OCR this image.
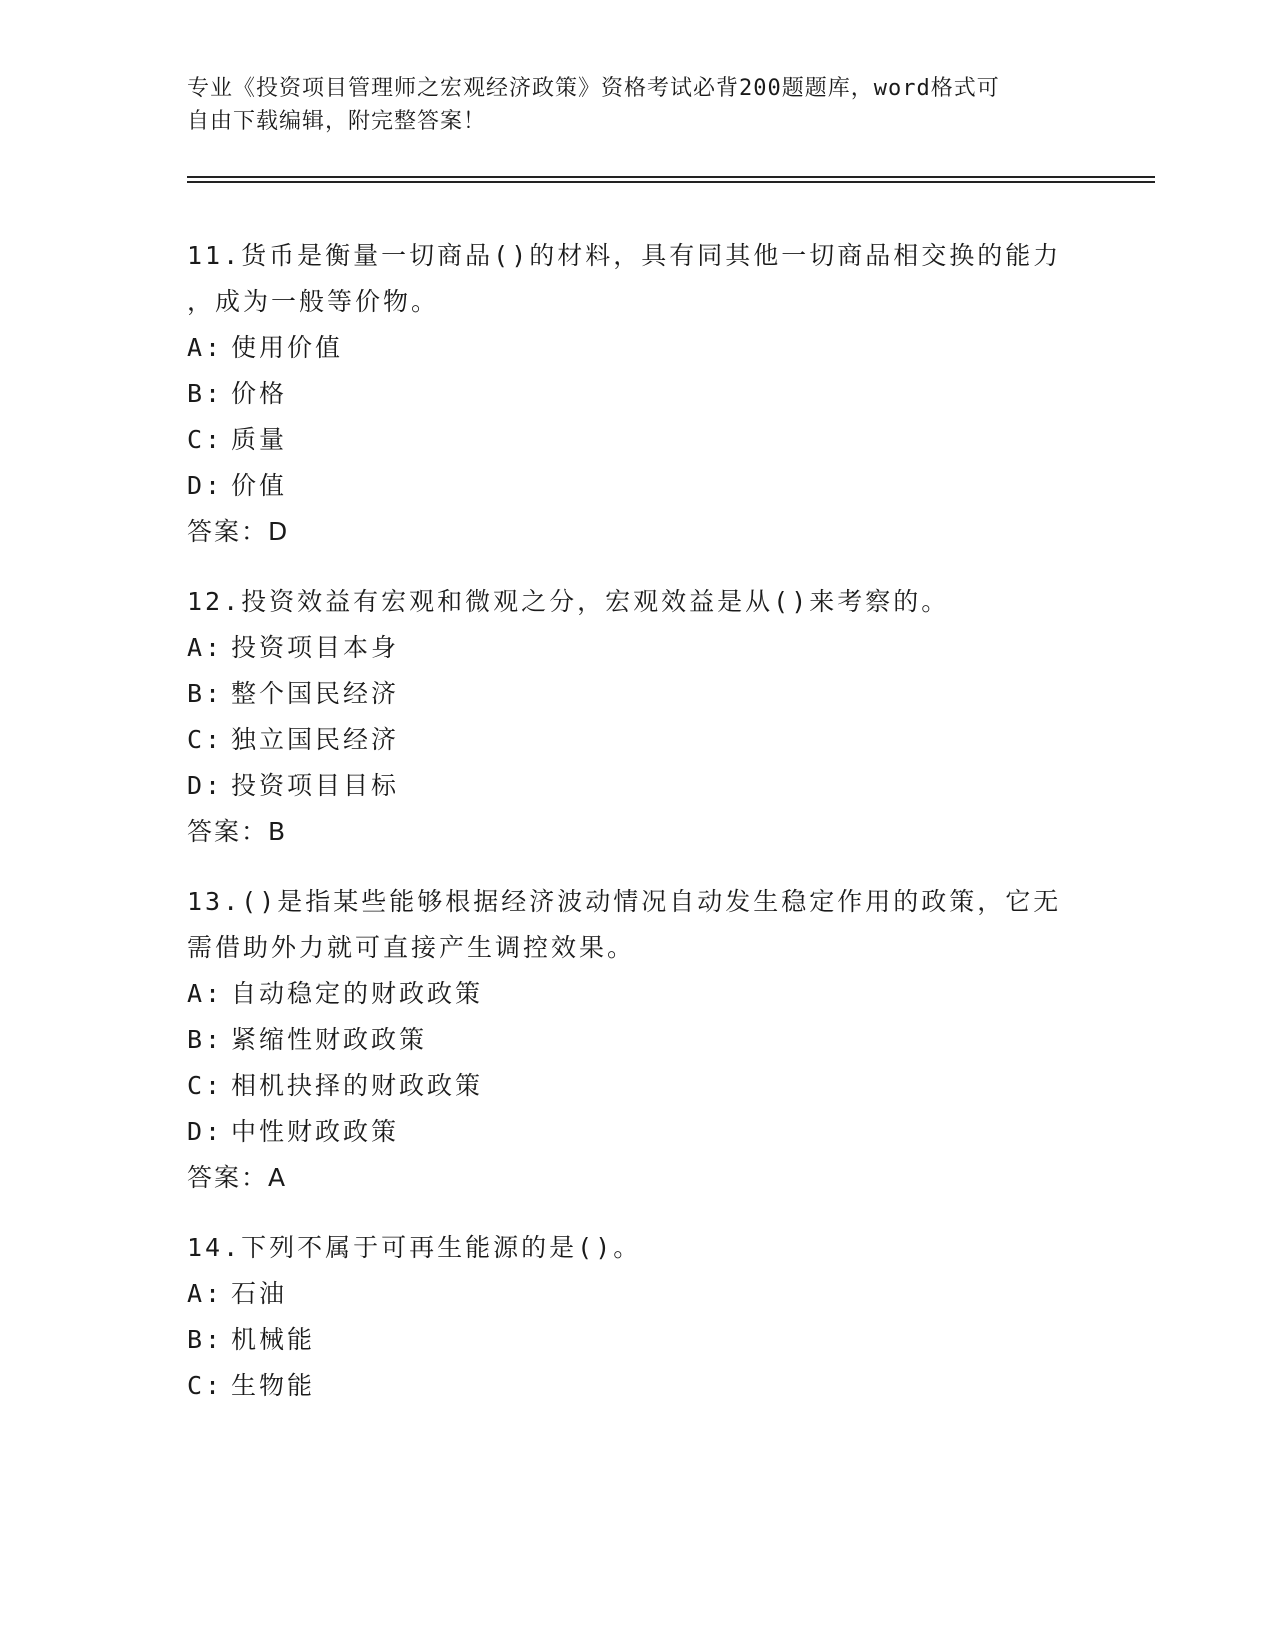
专业《投资项目管理师之宏观经济政策》资格考试必背200题题库，word格式可
自由下载编辑，附完整答案！

11.货币是衡量一切商品()的材料，具有同其他一切商品相交换的能力

，成为一般等价物。

A: 使用价值

B: 价格

C: 质量

D: 价值

答案：D

12.投资效益有宏观和微观之分，宏观效益是从()来考察的。

A: 投资项目本身

B: 整个国民经济

C: 独立国民经济

D: 投资项目目标

答案：B

13.()是指某些能够根据经济波动情况自动发生稳定作用的政策，它无

需借助外力就可直接产生调控效果。

A: 自动稳定的财政政策

B: 紧缩性财政政策

C: 相机抉择的财政政策

D: 中性财政政策

答案：A

14.下列不属于可再生能源的是()。

A: 石油

B: 机械能

C: 生物能
